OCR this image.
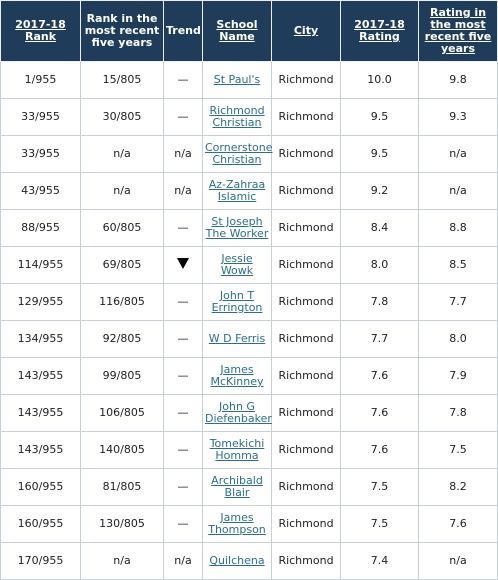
2017-18 Rank	Rank in the most recent five years	Trend	School Name	City	2017-18 Rating	Rating in the most recent five years
1/955	15/805	—	St Paul's	Richmond	10.0	9.8
33/955	30/805	—	Richmond Christian	Richmond	9.5	9.3
33/955	n/a	n/a	Cornerstone Christian	Richmond	9.5	n/a
43/955	n/a	n/a	Az-Zahraa Islamic	Richmond	9.2	n/a
88/955	60/805	—	St Joseph The Worker	Richmond	8.4	8.8
114/955	69/805		Jessie Wowk	Richmond	8.0	8.5
129/955	116/805	—	John T Errington	Richmond	7.8	7.7
134/955	92/805	—	W D Ferris	Richmond	7.7	8.0
143/955	99/805	—	James McKinney	Richmond	7.6	7.9
143/955	106/805	—	John G Diefenbaker	Richmond	7.6	7.8
143/955	140/805	—	Tomekichi Homma	Richmond	7.6	7.5
160/955	81/805	—	Archibald Blair	Richmond	7.5	8.2
160/955	130/805	—	James Thompson	Richmond	7.5	7.6
170/955	n/a	n/a	Quilchena	Richmond	7.4	n/a
